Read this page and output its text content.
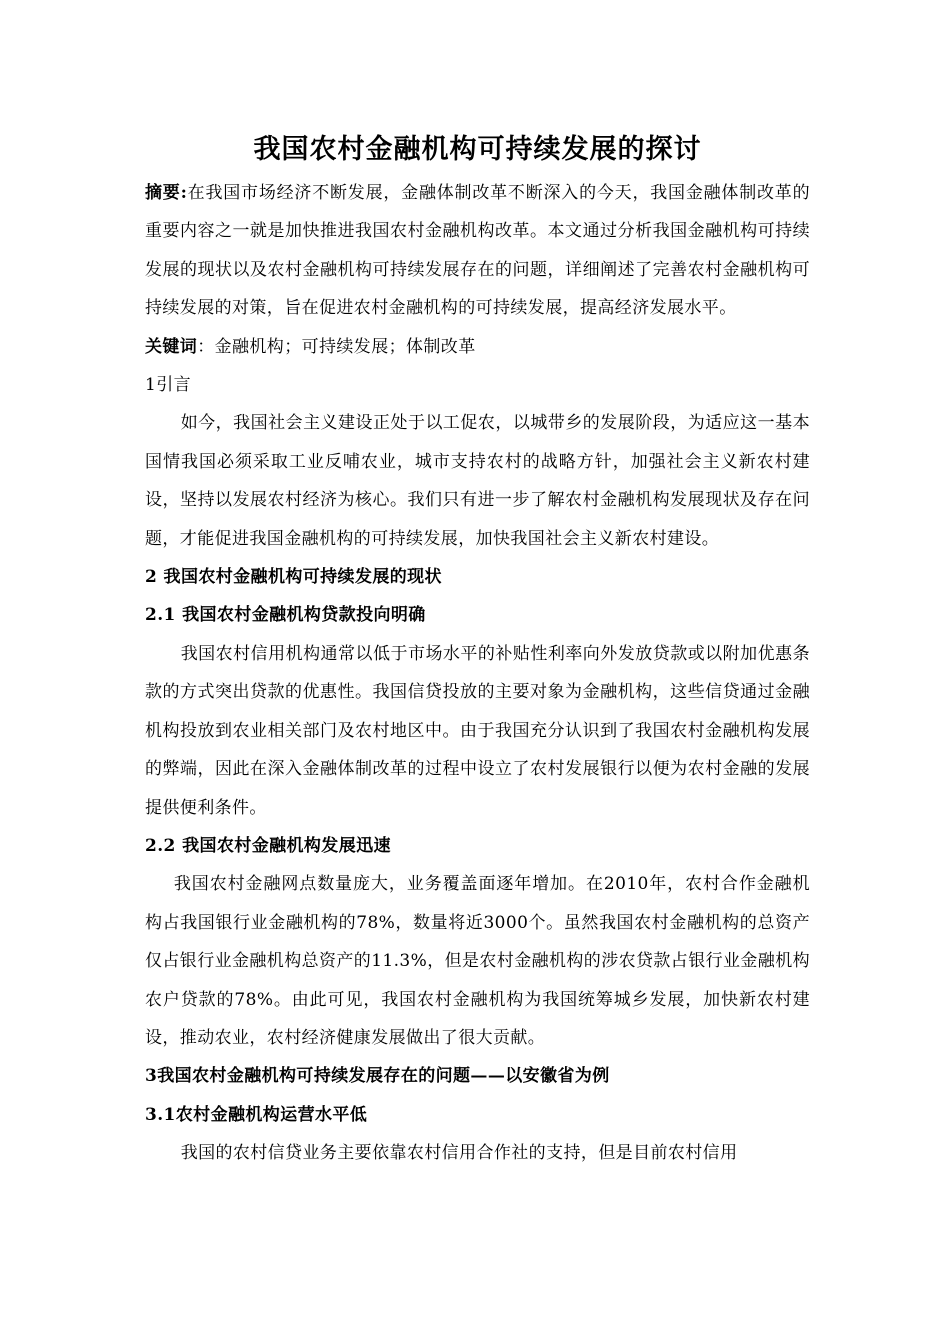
我国农村金融机构可持续发展的探讨

摘要:在我国市场经济不断发展，金融体制改革不断深入的今天，我国金融体制改革的重要内容之一就是加快推进我国农村金融机构改革。本文通过分析我国金融机构可持续发展的现状以及农村金融机构可持续发展存在的问题，详细阐述了完善农村金融机构可持续发展的对策，旨在促进农村金融机构的可持续发展，提高经济发展水平。

关键词：金融机构；可持续发展；体制改革

1引言

如今，我国社会主义建设正处于以工促农，以城带乡的发展阶段，为适应这一基本国情我国必须采取工业反哺农业，城市支持农村的战略方针，加强社会主义新农村建设，坚持以发展农村经济为核心。我们只有进一步了解农村金融机构发展现状及存在问题，才能促进我国金融机构的可持续发展，加快我国社会主义新农村建设。

2 我国农村金融机构可持续发展的现状

2.1 我国农村金融机构贷款投向明确

我国农村信用机构通常以低于市场水平的补贴性利率向外发放贷款或以附加优惠条款的方式突出贷款的优惠性。我国信贷投放的主要对象为金融机构，这些信贷通过金融机构投放到农业相关部门及农村地区中。由于我国充分认识到了我国农村金融机构发展的弊端，因此在深入金融体制改革的过程中设立了农村发展银行以便为农村金融的发展提供便利条件。

2.2 我国农村金融机构发展迅速

我国农村金融网点数量庞大，业务覆盖面逐年增加。在2010年，农村合作金融机构占我国银行业金融机构的78%，数量将近3000个。虽然我国农村金融机构的总资产仅占银行业金融机构总资产的11.3%，但是农村金融机构的涉农贷款占银行业金融机构农户贷款的78%。由此可见，我国农村金融机构为我国统筹城乡发展，加快新农村建设，推动农业，农村经济健康发展做出了很大贡献。

3我国农村金融机构可持续发展存在的问题——以安徽省为例

3.1农村金融机构运营水平低

我国的农村信贷业务主要依靠农村信用合作社的支持，但是目前农村信用
